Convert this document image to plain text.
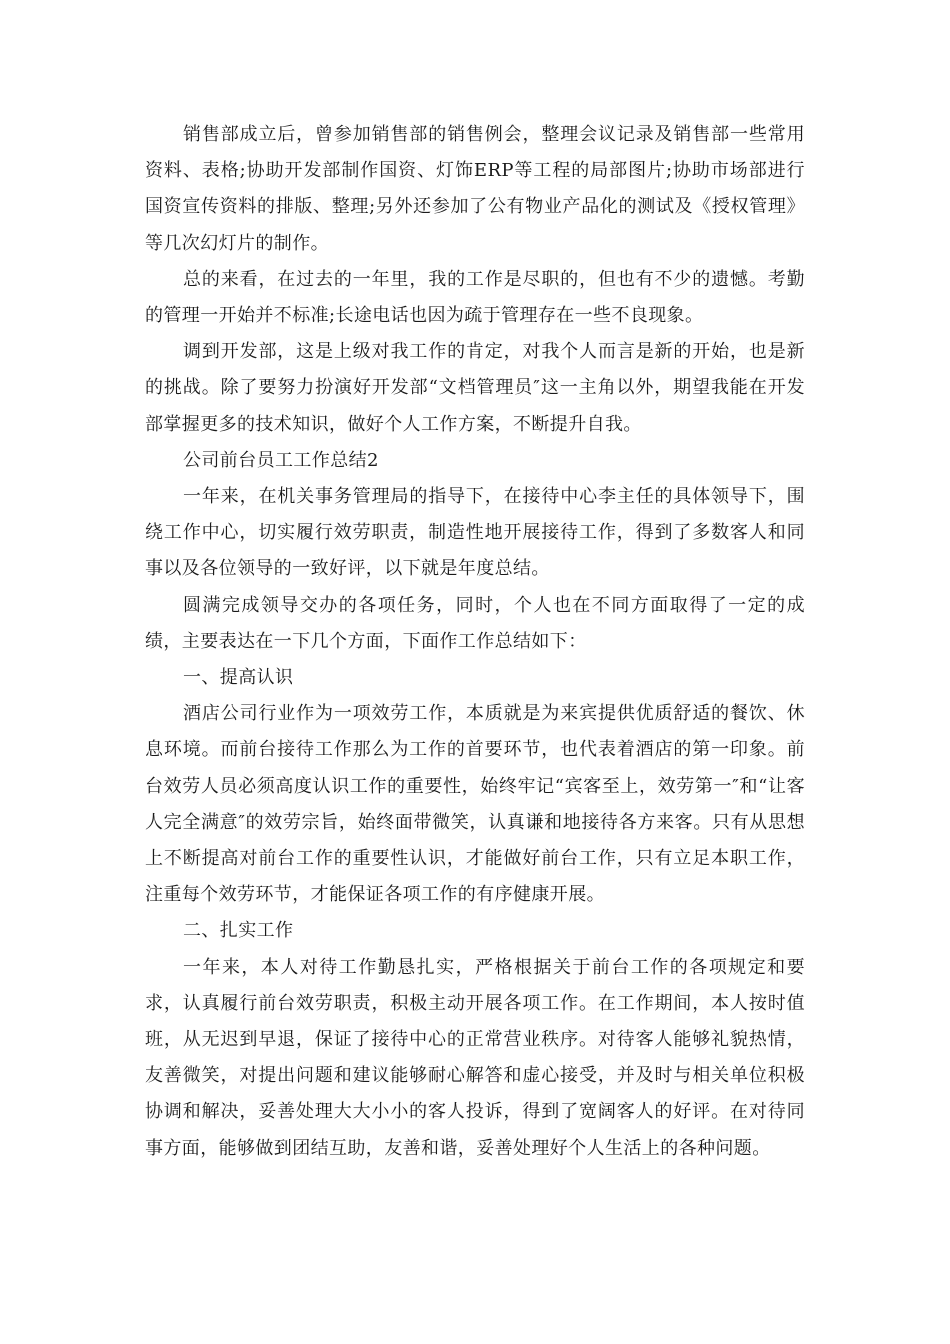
销售部成立后，曾参加销售部的销售例会，整理会议记录及销售部一些常用资料、表格;协助开发部制作国资、灯饰ERP等工程的局部图片;协助市场部进行国资宣传资料的排版、整理;另外还参加了公有物业产品化的测试及《授权管理》等几次幻灯片的制作。

总的来看，在过去的一年里，我的工作是尽职的，但也有不少的遗憾。考勤的管理一开始并不标准;长途电话也因为疏于管理存在一些不良现象。

调到开发部，这是上级对我工作的肯定，对我个人而言是新的开始，也是新的挑战。除了要努力扮演好开发部“文档管理员″这一主角以外，期望我能在开发部掌握更多的技术知识，做好个人工作方案，不断提升自我。

公司前台员工工作总结2

一年来，在机关事务管理局的指导下，在接待中心李主任的具体领导下，围绕工作中心，切实履行效劳职责，制造性地开展接待工作，得到了多数客人和同事以及各位领导的一致好评，以下就是年度总结。

圆满完成领导交办的各项任务，同时，个人也在不同方面取得了一定的成绩，主要表达在一下几个方面，下面作工作总结如下：

一、提高认识

酒店公司行业作为一项效劳工作，本质就是为来宾提供优质舒适的餐饮、休息环境。而前台接待工作那么为工作的首要环节，也代表着酒店的第一印象。前台效劳人员必须高度认识工作的重要性，始终牢记“宾客至上，效劳第一″和“让客人完全满意″的效劳宗旨，始终面带微笑，认真谦和地接待各方来客。只有从思想上不断提高对前台工作的重要性认识，才能做好前台工作，只有立足本职工作，注重每个效劳环节，才能保证各项工作的有序健康开展。

二、扎实工作

一年来，本人对待工作勤恳扎实，严格根据关于前台工作的各项规定和要求，认真履行前台效劳职责，积极主动开展各项工作。在工作期间，本人按时值班，从无迟到早退，保证了接待中心的正常营业秩序。对待客人能够礼貌热情，友善微笑，对提出问题和建议能够耐心解答和虚心接受，并及时与相关单位积极协调和解决，妥善处理大大小小的客人投诉，得到了宽阔客人的好评。在对待同事方面，能够做到团结互助，友善和谐，妥善处理好个人生活上的各种问题。
